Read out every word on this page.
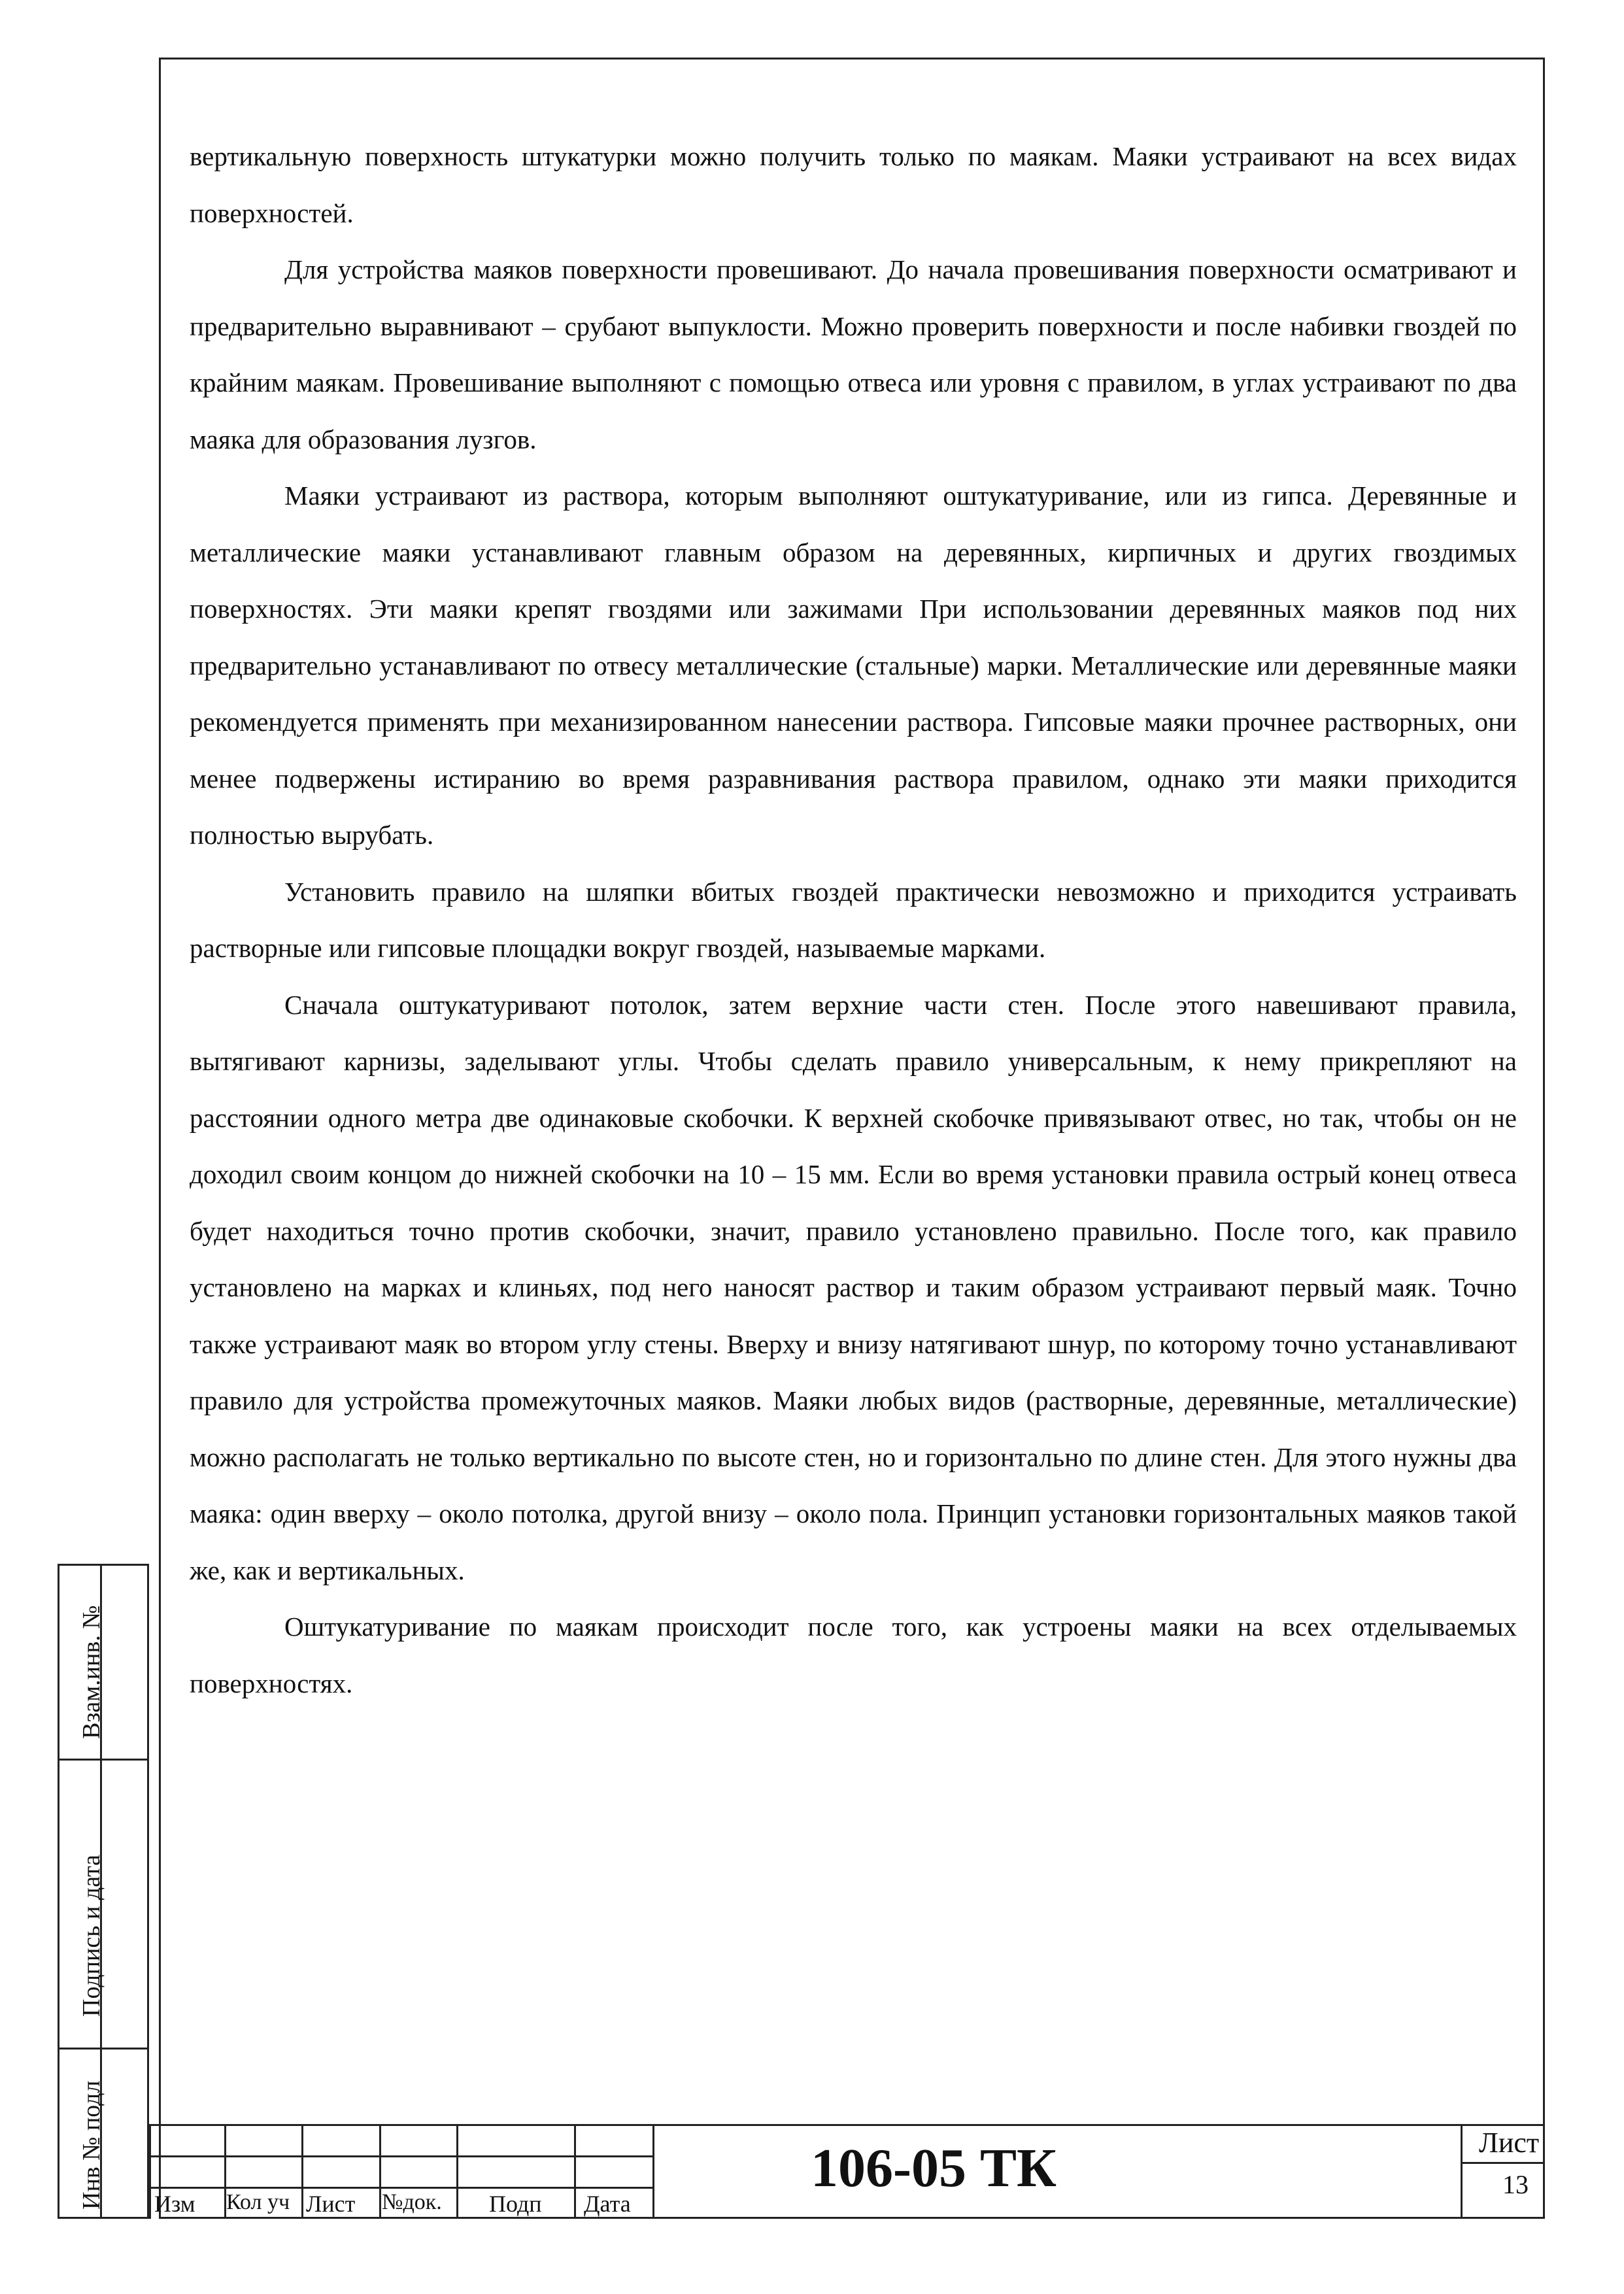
вертикальную поверхность штукатурки можно получить только по маякам. Маяки устраивают на всех видах поверхностей.

Для устройства маяков поверхности провешивают. До начала провешивания поверхности осматривают и предварительно выравнивают – срубают выпуклости. Можно проверить поверхности и после набивки гвоздей по крайним маякам. Провешивание выполняют с помощью отвеса или уровня с правилом, в углах устраивают по два маяка для образования лузгов.

Маяки устраивают из раствора, которым выполняют оштукатуривание, или из гипса. Деревянные и металлические маяки устанавливают главным образом на деревянных, кирпичных и других гвоздимых поверхностях. Эти маяки крепят гвоздями или зажимами При использовании деревянных маяков под них предварительно устанавливают по отвесу металлические (стальные) марки. Металлические или деревянные маяки рекомендуется применять при механизированном нанесении раствора. Гипсовые маяки прочнее растворных, они менее подвержены истиранию во время разравнивания раствора правилом, однако эти маяки приходится полностью вырубать.

Установить правило на шляпки вбитых гвоздей практически невозможно и приходится устраивать растворные или гипсовые площадки вокруг гвоздей, называемые марками.

Сначала оштукатуривают потолок, затем верхние части стен. После этого навешивают правила, вытягивают карнизы, заделывают углы. Чтобы сделать правило универсальным, к нему прикрепляют на расстоянии одного метра две одинаковые скобочки. К верхней скобочке привязывают отвес, но так, чтобы он не доходил своим концом до нижней скобочки на 10 – 15 мм. Если во время установки правила острый конец отвеса будет находиться точно против скобочки, значит, правило установлено правильно. После того, как правило установлено на марках и клиньях, под него наносят раствор и таким образом устраивают первый маяк. Точно также устраивают маяк во втором углу стены. Вверху и внизу натягивают шнур, по которому точно устанавливают правило для устройства промежуточных маяков. Маяки любых видов (растворные, деревянные, металлические) можно располагать не только вертикально по высоте стен, но и горизонтально по длине стен. Для этого нужны два маяка: один вверху – около потолка, другой внизу – около пола. Принцип установки горизонтальных маяков такой же, как и вертикальных.

Оштукатуривание по маякам происходит после того, как устроены маяки на всех отделываемых поверхностях.

Взам.инв. №
Подпись и дата
Инв № подл Изм Кол уч Лист №док. Подп Дата
106-05 ТК	Лист
13
